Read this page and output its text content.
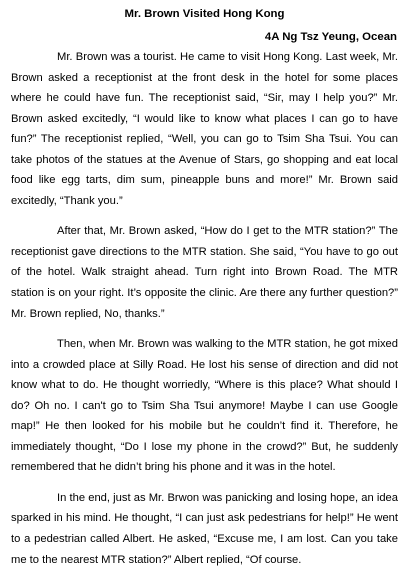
Mr. Brown Visited Hong Kong
4A Ng Tsz Yeung, Ocean

Mr. Brown was a tourist. He came to visit Hong Kong. Last week, Mr. Brown asked a receptionist at the front desk in the hotel for some places where he could have fun. The receptionist said, “Sir, may I help you?” Mr. Brown asked excitedly, “I would like to know what places I can go to have fun?” The receptionist replied, “Well, you can go to Tsim Sha Tsui. You can take photos of the statues at the Avenue of Stars, go shopping and eat local food like egg tarts, dim sum, pineapple buns and more!” Mr. Brown said excitedly, “Thank you.”

After that, Mr. Brown asked, “How do I get to the MTR station?” The receptionist gave directions to the MTR station. She said, “You have to go out of the hotel. Walk straight ahead. Turn right into Brown Road. The MTR station is on your right. It’s opposite the clinic. Are there any further question?” Mr. Brown replied, No, thanks.”

Then, when Mr. Brown was walking to the MTR station, he got mixed into a crowded place at Silly Road. He lost his sense of direction and did not know what to do. He thought worriedly, “Where is this place? What should I do? Oh no. I can't go to Tsim Sha Tsui anymore! Maybe I can use Google map!” He then looked for his mobile but he couldn’t find it. Therefore, he immediately thought, “Do I lose my phone in the crowd?” But, he suddenly remembered that he didn’t bring his phone and it was in the hotel.

In the end, just as Mr. Brwon was panicking and losing hope, an idea sparked in his mind. He thought, “I can just ask pedestrians for help!” He went to a pedestrian called Albert. He asked, “Excuse me, I am lost. Can you take me to the nearest MTR station?” Albert replied, “Of course.
